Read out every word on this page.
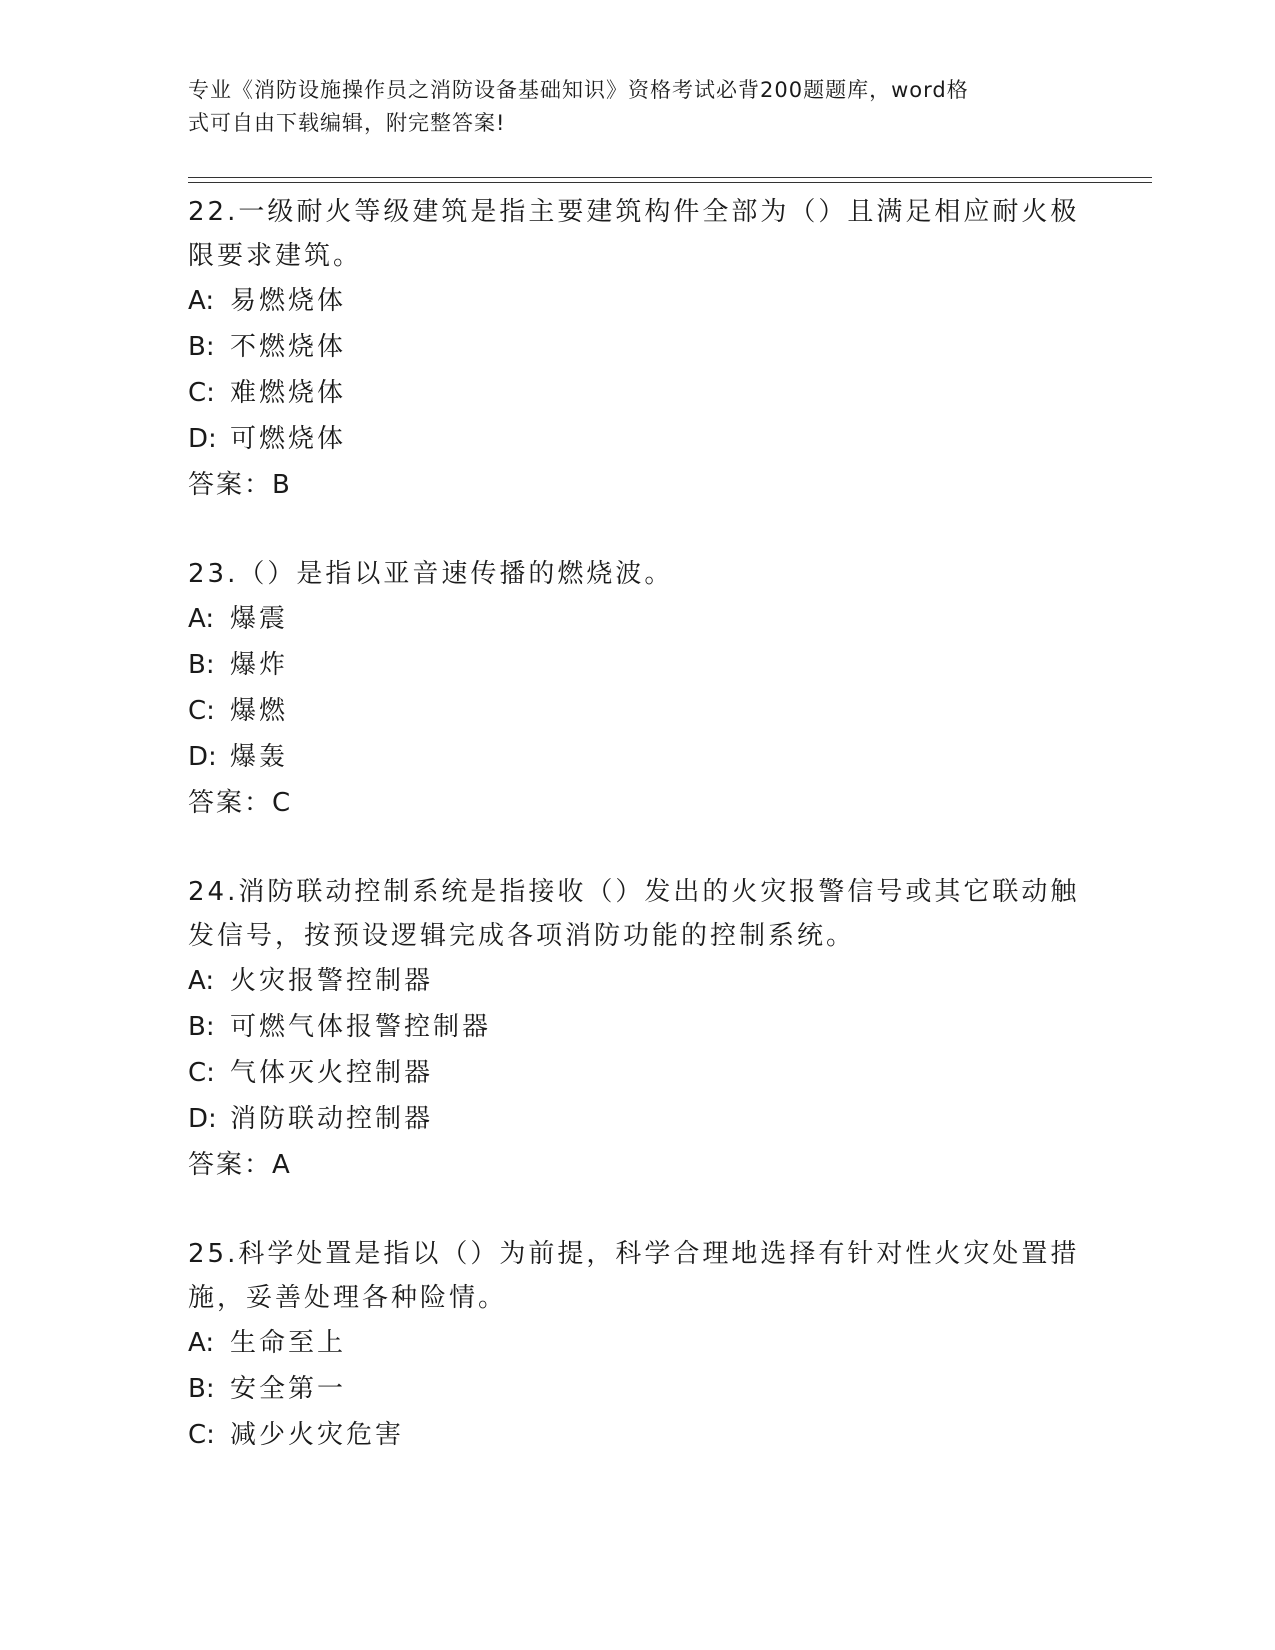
专业《消防设施操作员之消防设备基础知识》资格考试必背200题题库，word格
式可自由下载编辑，附完整答案!
22.一级耐火等级建筑是指主要建筑构件全部为（）且满足相应耐火极
限要求建筑。
A: 易燃烧体
B: 不燃烧体
C: 难燃烧体
D: 可燃烧体
答案：B
23.（）是指以亚音速传播的燃烧波。
A: 爆震
B: 爆炸
C: 爆燃
D: 爆轰
答案：C
24.消防联动控制系统是指接收（）发出的火灾报警信号或其它联动触
发信号，按预设逻辑完成各项消防功能的控制系统。
A: 火灾报警控制器
B: 可燃气体报警控制器
C: 气体灭火控制器
D: 消防联动控制器
答案：A
25.科学处置是指以（）为前提，科学合理地选择有针对性火灾处置措
施，妥善处理各种险情。
A: 生命至上
B: 安全第一
C: 减少火灾危害
